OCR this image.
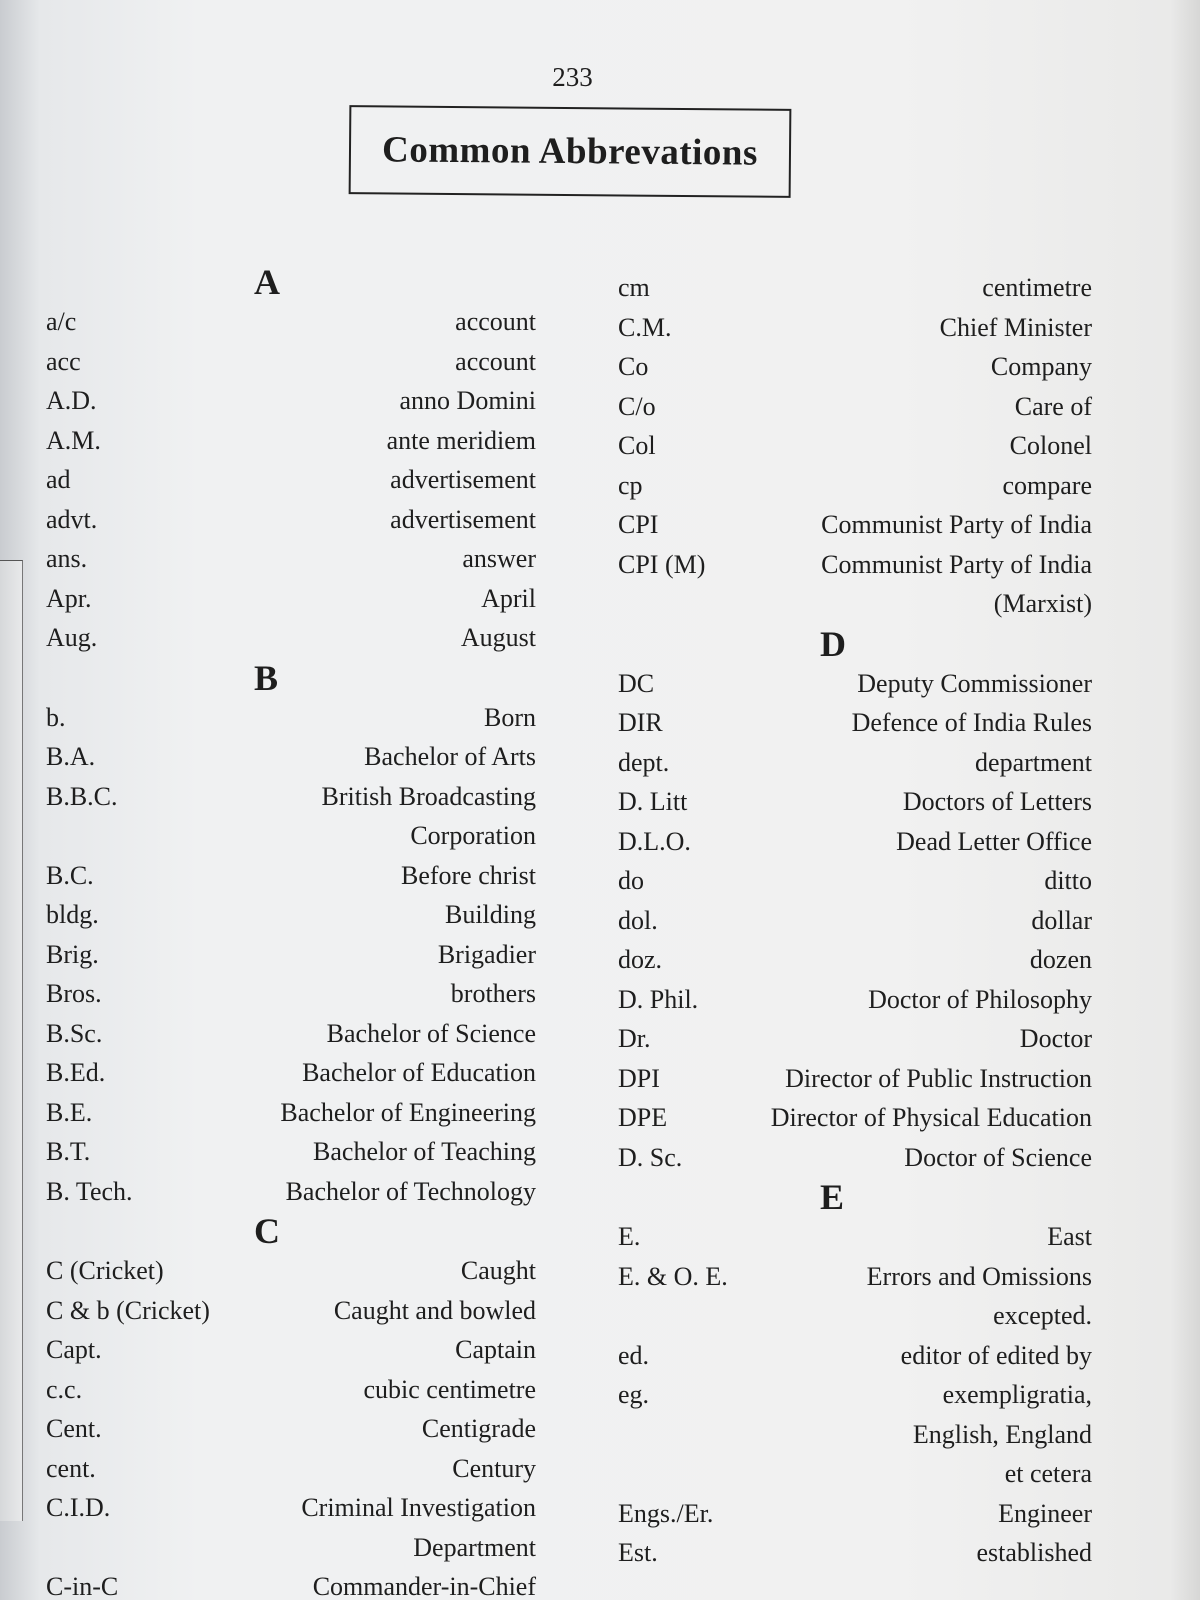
233
Common Abbrevations
A
a/c	account
acc	account
A.D.	anno Domini
A.M.	ante meridiem
ad	advertisement
advt.	advertisement
ans.	answer
Apr.	April
Aug.	August
B
b.	Born
B.A.	Bachelor of Arts
B.B.C.	British Broadcasting
Corporation
B.C.	Before christ
bldg.	Building
Brig.	Brigadier
Bros.	brothers
B.Sc.	Bachelor of Science
B.Ed.	Bachelor of Education
B.E.	Bachelor of Engineering
B.T.	Bachelor of Teaching
B. Tech.	Bachelor of Technology
C
C (Cricket)	Caught
C & b (Cricket)	Caught and bowled
Capt.	Captain
c.c.	cubic centimetre
Cent.	Centigrade
cent.	Century
C.I.D.	Criminal Investigation
Department
C-in-C	Commander-in-Chief
cm	centimetre
C.M.	Chief Minister
Co	Company
C/o	Care of
Col	Colonel
cp	compare
CPI	Communist Party of India
CPI (M)	Communist Party of India
(Marxist)
D
DC	Deputy Commissioner
DIR	Defence of India Rules
dept.	department
D. Litt	Doctors of Letters
D.L.O.	Dead Letter Office
do	ditto
dol.	dollar
doz.	dozen
D. Phil.	Doctor of Philosophy
Dr.	Doctor
DPI	Director of Public Instruction
DPE	Director of Physical Education
D. Sc.	Doctor of Science
E
E.	East
E. & O. E.	Errors and Omissions
excepted.
ed.	editor of edited by
eg.	exempligratia,
English, England
et cetera
Engs./Er.	Engineer
Est.	established
